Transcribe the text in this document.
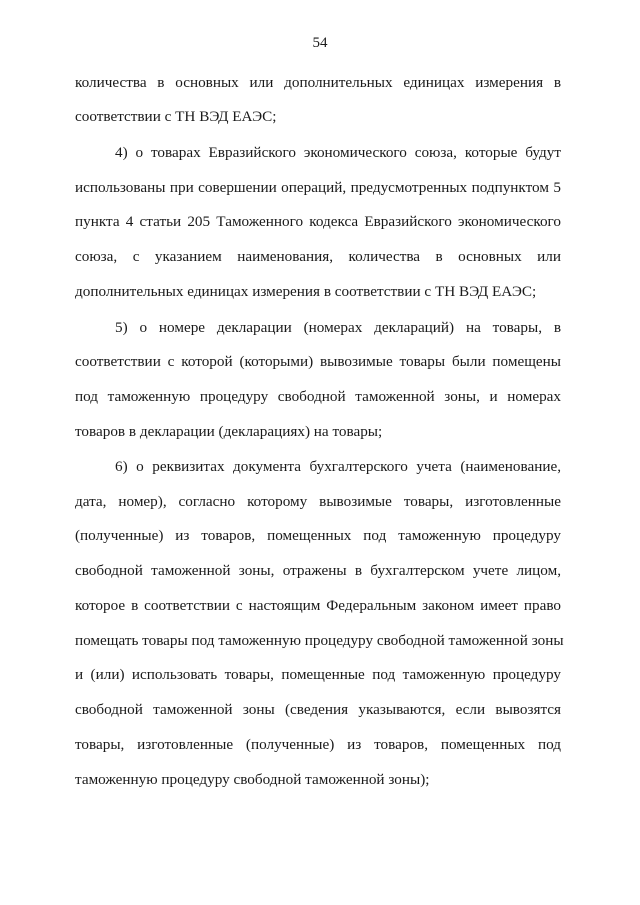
54
количества в основных или дополнительных единицах измерения в
соответствии с ТН ВЭД ЕАЭС;
4) о товарах Евразийского экономического союза, которые будут
использованы при совершении операций, предусмотренных подпунктом 5
пункта 4 статьи 205 Таможенного кодекса Евразийского экономического
союза, с указанием наименования, количества в основных или
дополнительных единицах измерения в соответствии с ТН ВЭД ЕАЭС;
5) о номере декларации (номерах деклараций) на товары, в
соответствии с которой (которыми) вывозимые товары были помещены
под таможенную процедуру свободной таможенной зоны, и номерах
товаров в декларации (декларациях) на товары;
6) о реквизитах документа бухгалтерского учета (наименование,
дата, номер), согласно которому вывозимые товары, изготовленные
(полученные) из товаров, помещенных под таможенную процедуру
свободной таможенной зоны, отражены в бухгалтерском учете лицом,
которое в соответствии с настоящим Федеральным законом имеет право
помещать товары под таможенную процедуру свободной таможенной зоны
и (или) использовать товары, помещенные под таможенную процедуру
свободной таможенной зоны (сведения указываются, если вывозятся
товары, изготовленные (полученные) из товаров, помещенных под
таможенную процедуру свободной таможенной зоны);
